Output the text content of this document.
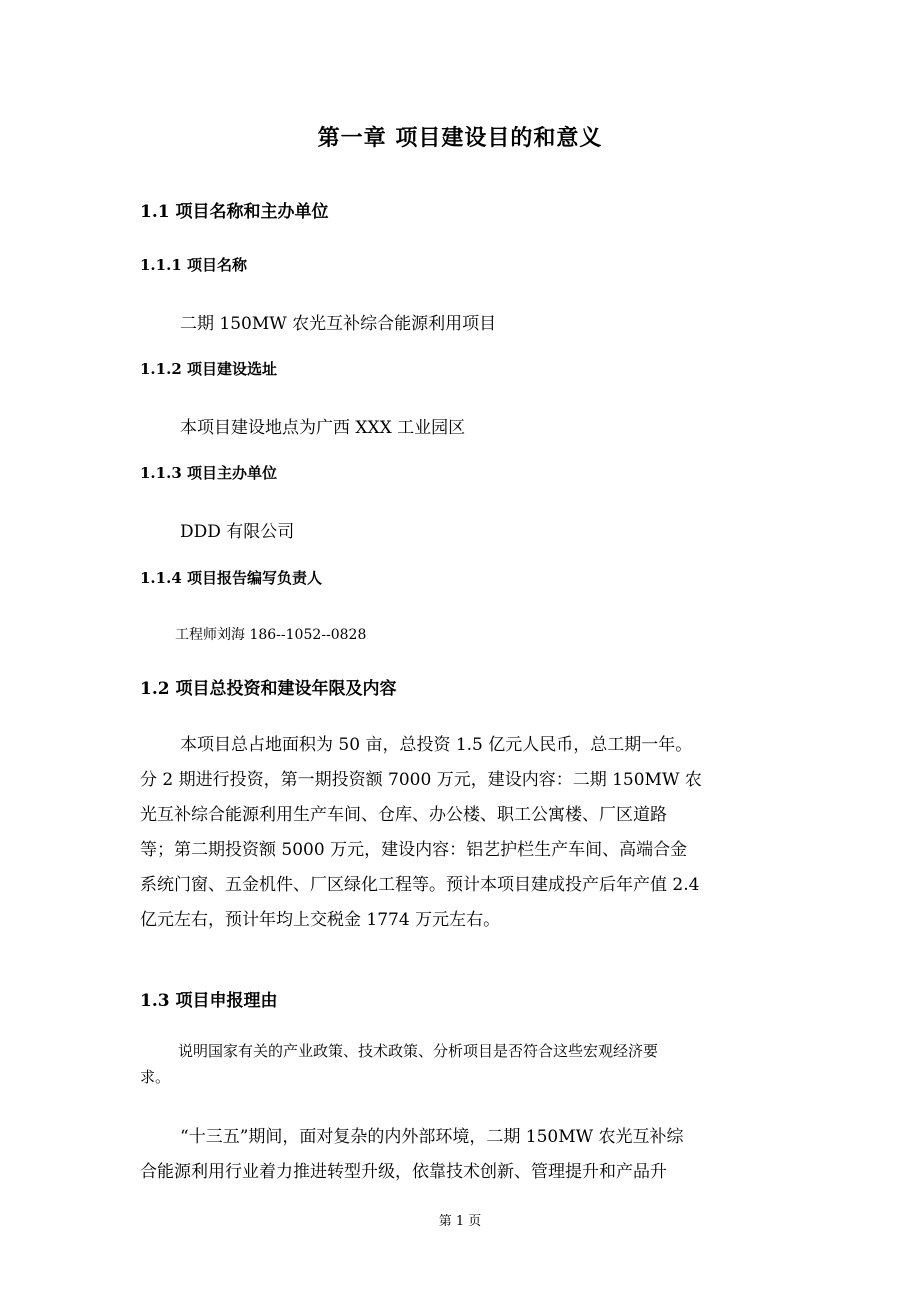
第一章 项目建设目的和意义
1.1 项目名称和主办单位
1.1.1 项目名称
二期 150MW 农光互补综合能源利用项目
1.1.2 项目建设选址
本项目建设地点为广西 XXX 工业园区
1.1.3 项目主办单位
DDD 有限公司
1.1.4 项目报告编写负责人
工程师刘海 186--1052--0828
1.2 项目总投资和建设年限及内容
本项目总占地面积为 50 亩，总投资 1.5 亿元人民币，总工期一年。
分 2 期进行投资，第一期投资额 7000 万元，建设内容：二期 150MW 农
光互补综合能源利用生产车间、仓库、办公楼、职工公寓楼、厂区道路
等；第二期投资额 5000 万元，建设内容：铝艺护栏生产车间、高端合金
系统门窗、五金机件、厂区绿化工程等。预计本项目建成投产后年产值 2.4
亿元左右，预计年均上交税金 1774 万元左右。
1.3 项目申报理由
说明国家有关的产业政策、技术政策、分析项目是否符合这些宏观经济要
求。
“十三五”期间，面对复杂的内外部环境，二期 150MW 农光互补综
合能源利用行业着力推进转型升级，依靠技术创新、管理提升和产品升
第 1 页
